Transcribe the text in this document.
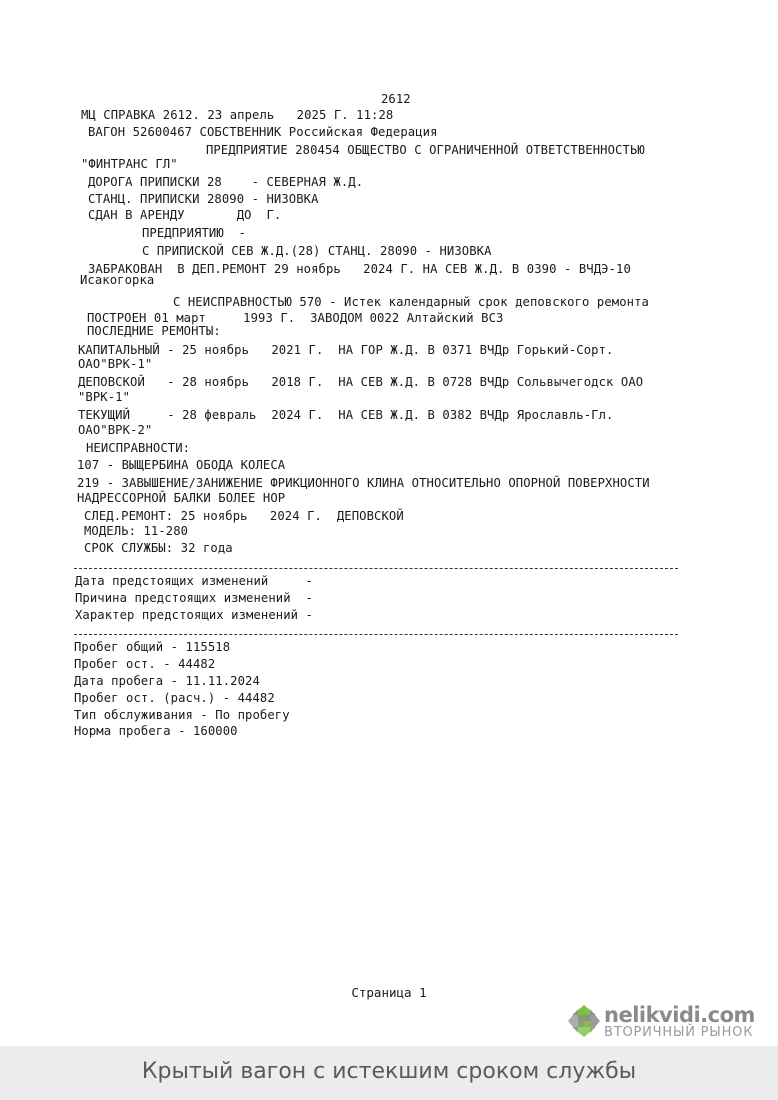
2612
МЦ СПРАВКА 2612. 23 апрель   2025 Г. 11:28
ВАГОН 52600467 СОБСТВЕННИК Российская Федерация
ПРЕДПРИЯТИЕ 280454 ОБЩЕСТВО С ОГРАНИЧЕННОЙ ОТВЕТСТВЕННОСТЬЮ
"ФИНТРАНС ГЛ"
ДОРОГА ПРИПИСКИ 28    - СЕВЕРНАЯ Ж.Д.
СТАНЦ. ПРИПИСКИ 28090 - НИЗОВКА
СДАН В АРЕНДУ       ДО  Г.
ПРЕДПРИЯТИЮ  -
С ПРИПИСКОЙ СЕВ Ж.Д.(28) СТАНЦ. 28090 - НИЗОВКА
ЗАБРАКОВАН  В ДЕП.РЕМОНТ 29 ноябрь   2024 Г. НА СЕВ Ж.Д. В 0390 - ВЧДЭ-10
Исакогорка
С НЕИСПРАВНОСТЬЮ 570 - Истек календарный срок деповского ремонта
ПОСТРОЕН 01 март     1993 Г.  ЗАВОДОМ 0022 Алтайский ВСЗ
ПОСЛЕДНИЕ РЕМОНТЫ:
КАПИТАЛЬНЫЙ - 25 ноябрь   2021 Г.  НА ГОР Ж.Д. В 0371 ВЧДр Горький-Сорт.
ОАО"ВРК-1"
ДЕПОВСКОЙ   - 28 ноябрь   2018 Г.  НА СЕВ Ж.Д. В 0728 ВЧДр Сольвычегодск ОАО
"ВРК-1"
ТЕКУЩИЙ     - 28 февраль  2024 Г.  НА СЕВ Ж.Д. В 0382 ВЧДр Ярославль-Гл.
ОАО"ВРК-2"
НЕИСПРАВНОСТИ:
107 - ВЫЩЕРБИНА ОБОДА КОЛЕСА
219 - ЗАВЫШЕНИЕ/ЗАНИЖЕНИЕ ФРИКЦИОННОГО КЛИНА ОТНОСИТЕЛЬНО ОПОРНОЙ ПОВЕРХНОСТИ
НАДРЕССОРНОЙ БАЛКИ БОЛЕЕ НОР
СЛЕД.РЕМОНТ: 25 ноябрь   2024 Г.  ДЕПОВСКОЙ
МОДЕЛЬ: 11-280
СРОК СЛУЖБЫ: 32 года
Дата предстоящих изменений     -
Причина предстоящих изменений  -
Характер предстоящих изменений -
Пробег общий - 115518
Пробег ост. - 44482
Дата пробега - 11.11.2024
Пробег ост. (расч.) - 44482
Тип обслуживания - По пробегу
Норма пробега - 160000
Страница 1
nelikvidi.com
ВТОРИЧНЫЙ РЫНОК
Крытый вагон с истекшим сроком службы
